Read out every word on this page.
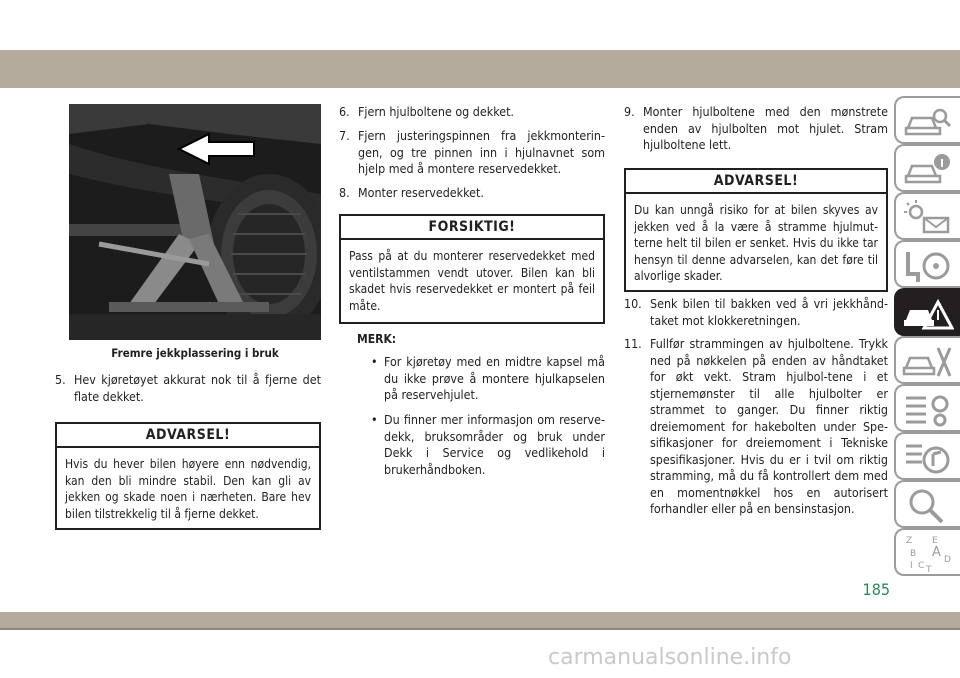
Fremre jekkplassering i bruk
5. Hev kjøretøyet akkurat nok til å fjerne det flate dekket.
ADVARSEL!
Hvis du hever bilen høyere enn nødvendig, kan den bli mindre stabil. Den kan gli av jekken og skade noen i nærheten. Bare hev bilen tilstrekkelig til å fjerne dekket.
6. Fjern hjulboltene og dekket.
7. Fjern justeringspinnen fra jekkmonterin-gen, og tre pinnen inn i hjulnavnet som hjelp med å montere reservedekket.
8. Monter reservedekket.
FORSIKTIG!
Pass på at du monterer reservedekket med ventilstammen vendt utover. Bilen kan bli skadet hvis reservedekket er montert på feil måte.
MERK:
• For kjøretøy med en midtre kapsel må du ikke prøve å montere hjulkapselen på reservehjulet.
• Du finner mer informasjon om reserve-dekk, bruksområder og bruk under Dekk i Service og vedlikehold i brukerhåndboken.
9. Monter hjulboltene med den mønstrete enden av hjulbolten mot hjulet. Stram hjulboltene lett.
ADVARSEL!
Du kan unngå risiko for at bilen skyves av jekken ved å la være å stramme hjulmut-terne helt til bilen er senket. Hvis du ikke tar hensyn til denne advarselen, kan det føre til alvorlige skader.
10. Senk bilen til bakken ved å vri jekkhånd-taket mot klokkeretningen.
11. Fullfør strammingen av hjulboltene. Trykk ned på nøkkelen på enden av håndtaket for økt vekt. Stram hjulbol-tene i et stjernemønster til alle hjulbolter er strammet to ganger. Du finner riktig dreiemoment for hakebolten under Spe-sifikasjoner for dreiemoment i Tekniske spesifikasjoner. Hvis du er i tvil om riktig stramming, må du få kontrollert dem med en momentnøkkel hos en autorisert forhandler eller på en bensinstasjon.
Z E
B A D
I C T
185
carmanualsonline.info
